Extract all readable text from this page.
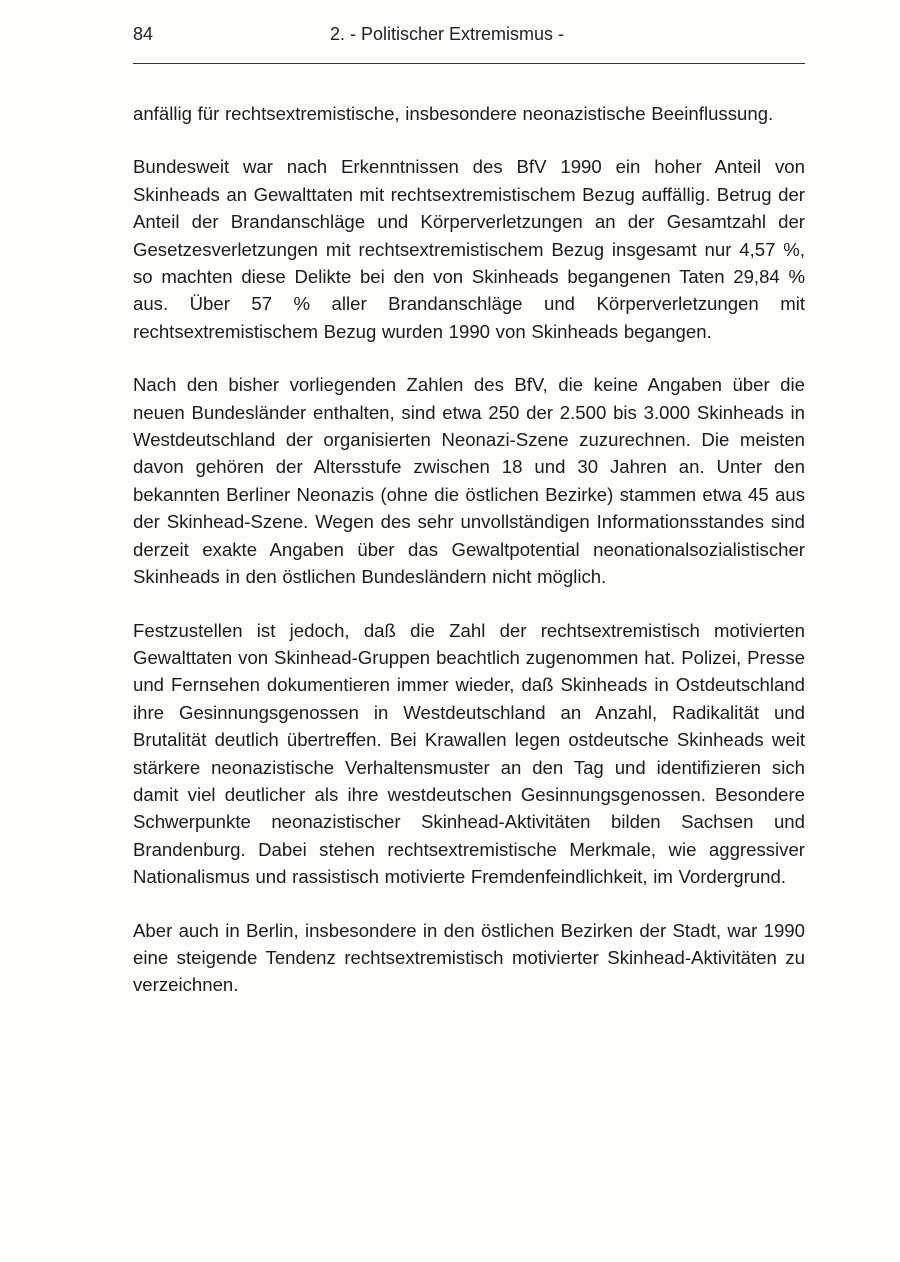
84	2. - Politischer Extremismus -

anfällig für rechtsextremistische, insbesondere neonazistische Beeinflussung.

Bundesweit war nach Erkenntnissen des BfV 1990 ein hoher Anteil von Skinheads an Gewalttaten mit rechtsextremistischem Bezug auffällig. Betrug der Anteil der Brandanschläge und Körperverletzungen an der Gesamtzahl der Gesetzesverletzungen mit rechtsextremistischem Bezug insgesamt nur 4,57 %, so machten diese Delikte bei den von Skinheads begangenen Taten 29,84 % aus. Über 57 % aller Brandanschläge und Körperverletzungen mit rechtsextremistischem Bezug wurden 1990 von Skinheads begangen.

Nach den bisher vorliegenden Zahlen des BfV, die keine Angaben über die neuen Bundesländer enthalten, sind etwa 250 der 2.500 bis 3.000 Skinheads in Westdeutschland der organisierten Neonazi-Szene zuzurechnen. Die meisten davon gehören der Altersstufe zwischen 18 und 30 Jahren an. Unter den bekannten Berliner Neonazis (ohne die östlichen Bezirke) stammen etwa 45 aus der Skinhead-Szene. Wegen des sehr unvollständigen Informationsstandes sind derzeit exakte Angaben über das Gewaltpotential neonationalsozialistischer Skinheads in den östlichen Bundesländern nicht möglich.

Festzustellen ist jedoch, daß die Zahl der rechtsextremistisch motivierten Gewalttaten von Skinhead-Gruppen beachtlich zugenommen hat. Polizei, Presse und Fernsehen dokumentieren immer wieder, daß Skinheads in Ostdeutschland ihre Gesinnungsgenossen in Westdeutschland an Anzahl, Radikalität und Brutalität deutlich übertreffen. Bei Krawallen legen ostdeutsche Skinheads weit stärkere neonazistische Verhaltensmuster an den Tag und identifizieren sich damit viel deutlicher als ihre westdeutschen Gesinnungsgenossen. Besondere Schwerpunkte neonazistischer Skinhead-Aktivitäten bilden Sachsen und Brandenburg. Dabei stehen rechtsextremistische Merkmale, wie aggressiver Nationalismus und rassistisch motivierte Fremdenfeindlichkeit, im Vordergrund.

Aber auch in Berlin, insbesondere in den östlichen Bezirken der Stadt, war 1990 eine steigende Tendenz rechtsextremistisch motivierter Skinhead-Aktivitäten zu verzeichnen.
